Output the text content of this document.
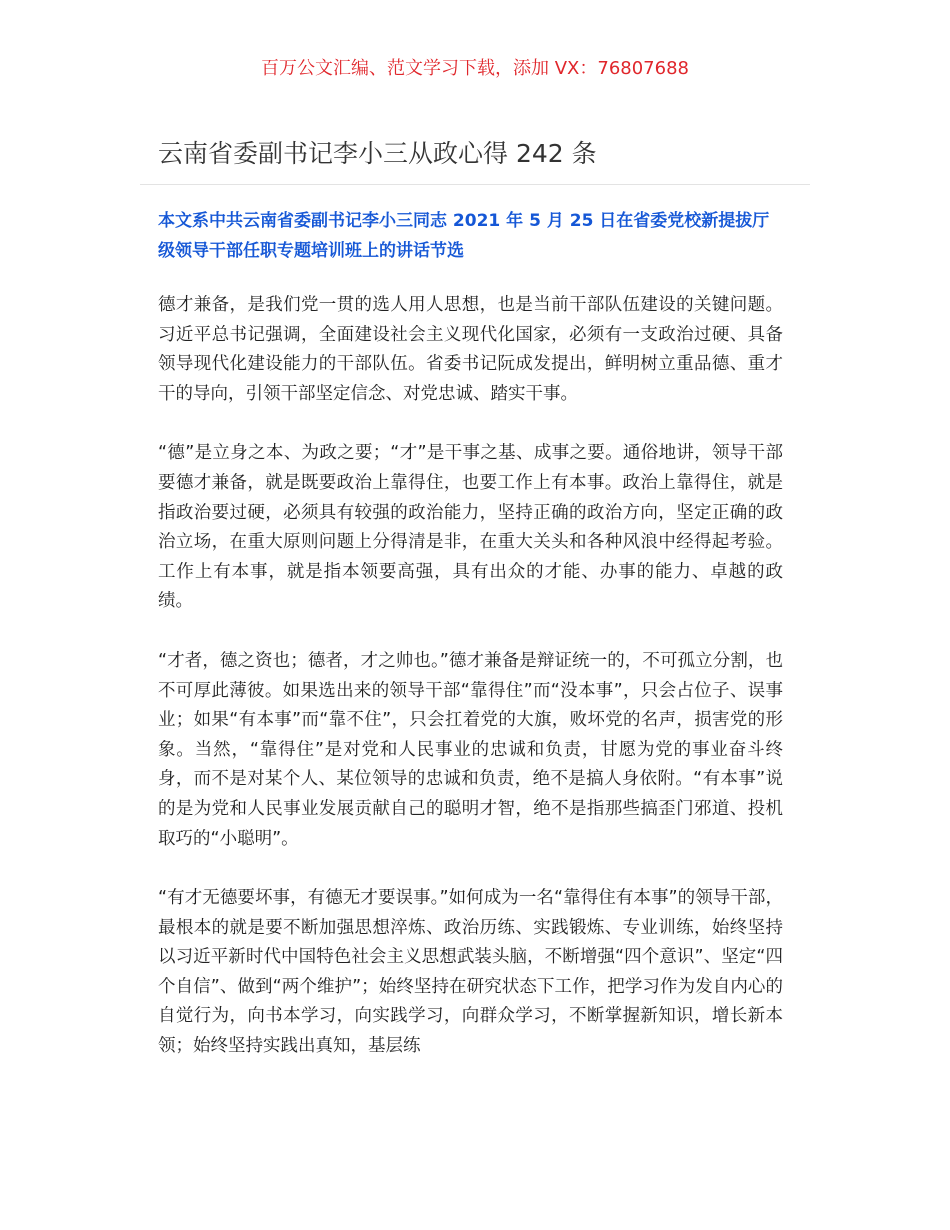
百万公文汇编、范文学习下载，添加 VX：76807688
云南省委副书记李小三从政心得 242 条

本文系中共云南省委副书记李小三同志 2021 年 5 月 25 日在省委党校新提拔厅级领导干部任职专题培训班上的讲话节选

德才兼备，是我们党一贯的选人用人思想，也是当前干部队伍建设的关键问题。习近平总书记强调，全面建设社会主义现代化国家，必须有一支政治过硬、具备领导现代化建设能力的干部队伍。省委书记阮成发提出，鲜明树立重品德、重才干的导向，引领干部坚定信念、对党忠诚、踏实干事。

“德”是立身之本、为政之要；“才”是干事之基、成事之要。通俗地讲，领导干部要德才兼备，就是既要政治上靠得住，也要工作上有本事。政治上靠得住，就是指政治要过硬，必须具有较强的政治能力，坚持正确的政治方向，坚定正确的政治立场，在重大原则问题上分得清是非，在重大关头和各种风浪中经得起考验。工作上有本事，就是指本领要高强，具有出众的才能、办事的能力、卓越的政绩。

“才者，德之资也；德者，才之帅也。”德才兼备是辩证统一的，不可孤立分割，也不可厚此薄彼。如果选出来的领导干部“靠得住”而“没本事”，只会占位子、误事业；如果“有本事”而“靠不住”，只会扛着党的大旗，败坏党的名声，损害党的形象。当然，“靠得住”是对党和人民事业的忠诚和负责，甘愿为党的事业奋斗终身，而不是对某个人、某位领导的忠诚和负责，绝不是搞人身依附。“有本事”说的是为党和人民事业发展贡献自己的聪明才智，绝不是指那些搞歪门邪道、投机取巧的“小聪明”。

“有才无德要坏事，有德无才要误事。”如何成为一名“靠得住有本事”的领导干部，最根本的就是要不断加强思想淬炼、政治历练、实践锻炼、专业训练，始终坚持以习近平新时代中国特色社会主义思想武装头脑，不断增强“四个意识”、坚定“四个自信”、做到“两个维护”；始终坚持在研究状态下工作，把学习作为发自内心的自觉行为，向书本学习，向实践学习，向群众学习，不断掌握新知识，增长新本领；始终坚持实践出真知，基层练
